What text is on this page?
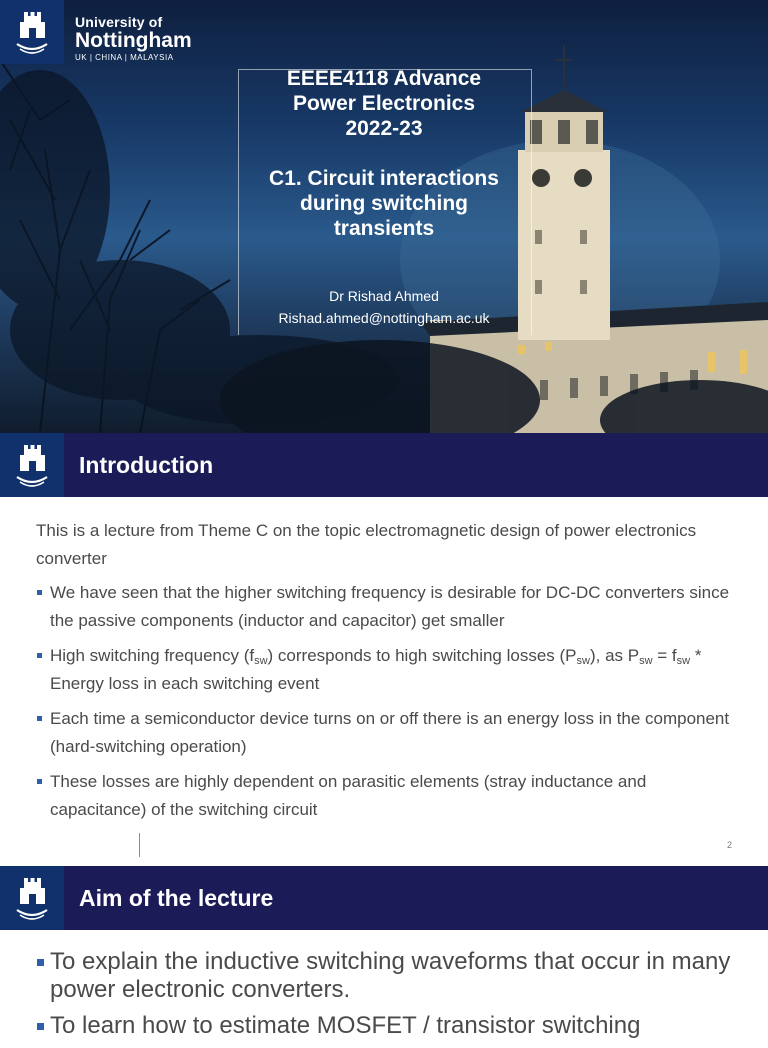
University of
Nottingham
UK | CHINA | MALAYSIA
EEEE4118 Advance
Power Electronics
2022-23
C1. Circuit interactions
during switching
transients
Dr Rishad Ahmed
Rishad.ahmed@nottingham.ac.uk
Introduction
This is a lecture from Theme C on the topic electromagnetic design of power electronics converter
We have seen that the higher switching frequency is desirable for DC-DC converters since the passive components (inductor and capacitor) get smaller
High switching frequency $(f_{sw})$ corresponds to high switching losses $(P_{sw})$, as $P_{sw} = f_{sw}$ * Energy loss in each switching event
Each time a semiconductor device turns on or off there is an energy loss in the component (hard-switching operation)
These losses are highly dependent on parasitic elements (stray inductance and capacitance) of the switching circuit
2
Aim of the lecture
To explain the inductive switching waveforms that occur in many power electronic converters.
To learn how to estimate MOSFET / transistor switching
